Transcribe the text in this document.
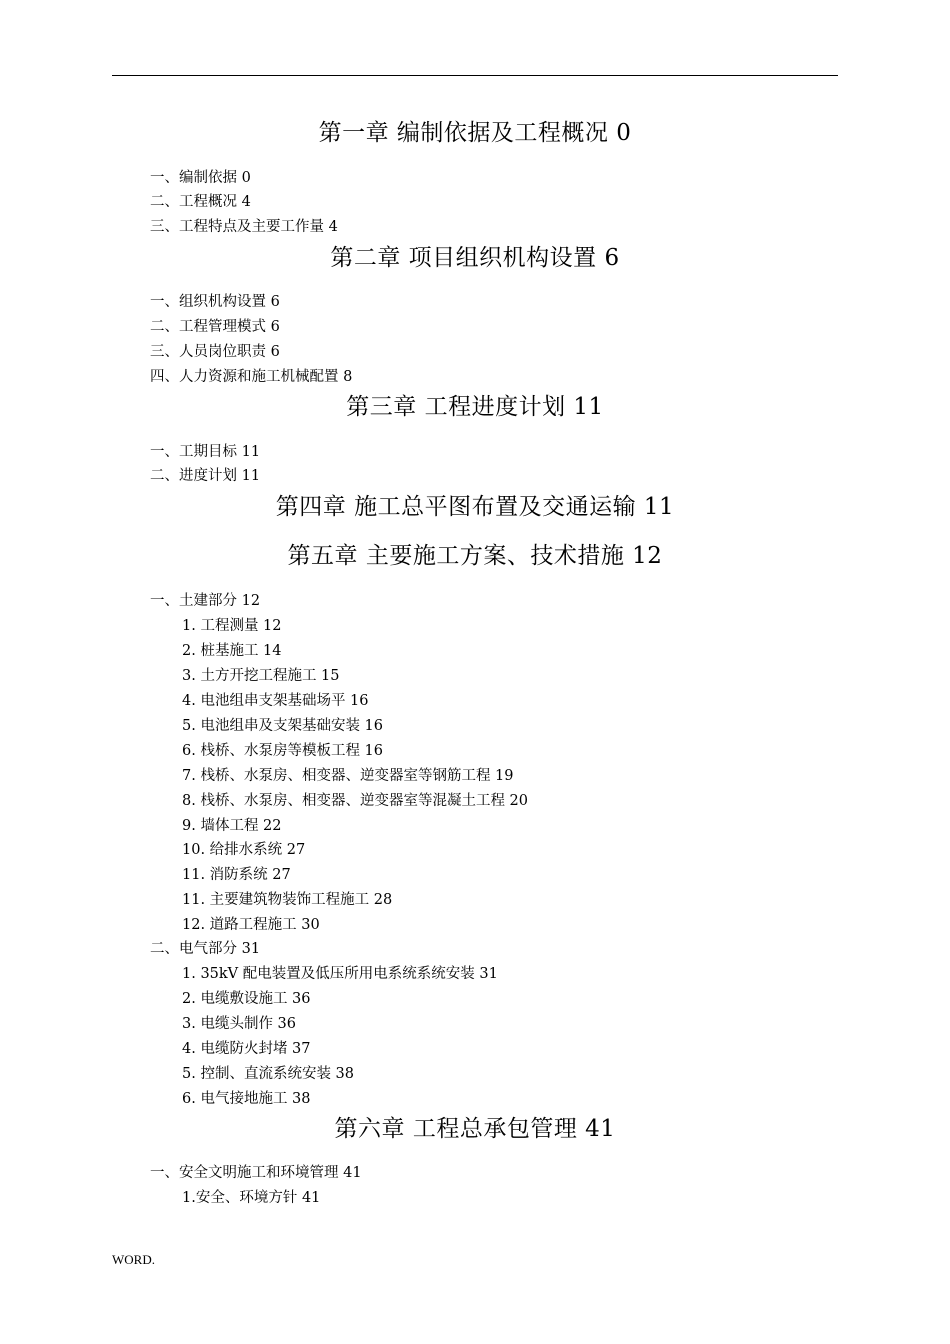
第一章 编制依据及工程概况 0
一、编制依据 0
二、工程概况 4
三、工程特点及主要工作量 4
第二章 项目组织机构设置 6
一、组织机构设置 6
二、工程管理模式 6
三、人员岗位职责 6
四、人力资源和施工机械配置 8
第三章 工程进度计划 11
一、工期目标 11
二、进度计划 11
第四章 施工总平图布置及交通运输 11
第五章 主要施工方案、技术措施 12
一、土建部分 12
1. 工程测量 12
2. 桩基施工 14
3. 土方开挖工程施工 15
4. 电池组串支架基础场平 16
5. 电池组串及支架基础安装 16
6. 栈桥、水泵房等模板工程 16
7. 栈桥、水泵房、相变器、逆变器室等钢筋工程 19
8. 栈桥、水泵房、相变器、逆变器室等混凝土工程 20
9. 墙体工程 22
10. 给排水系统 27
11. 消防系统 27
11. 主要建筑物装饰工程施工 28
12. 道路工程施工 30
二、电气部分 31
1. 35kV 配电装置及低压所用电系统系统安装 31
2. 电缆敷设施工 36
3. 电缆头制作 36
4. 电缆防火封堵 37
5. 控制、直流系统安装 38
6. 电气接地施工 38
第六章 工程总承包管理 41
一、安全文明施工和环境管理 41
1.安全、环境方针 41
WORD.
